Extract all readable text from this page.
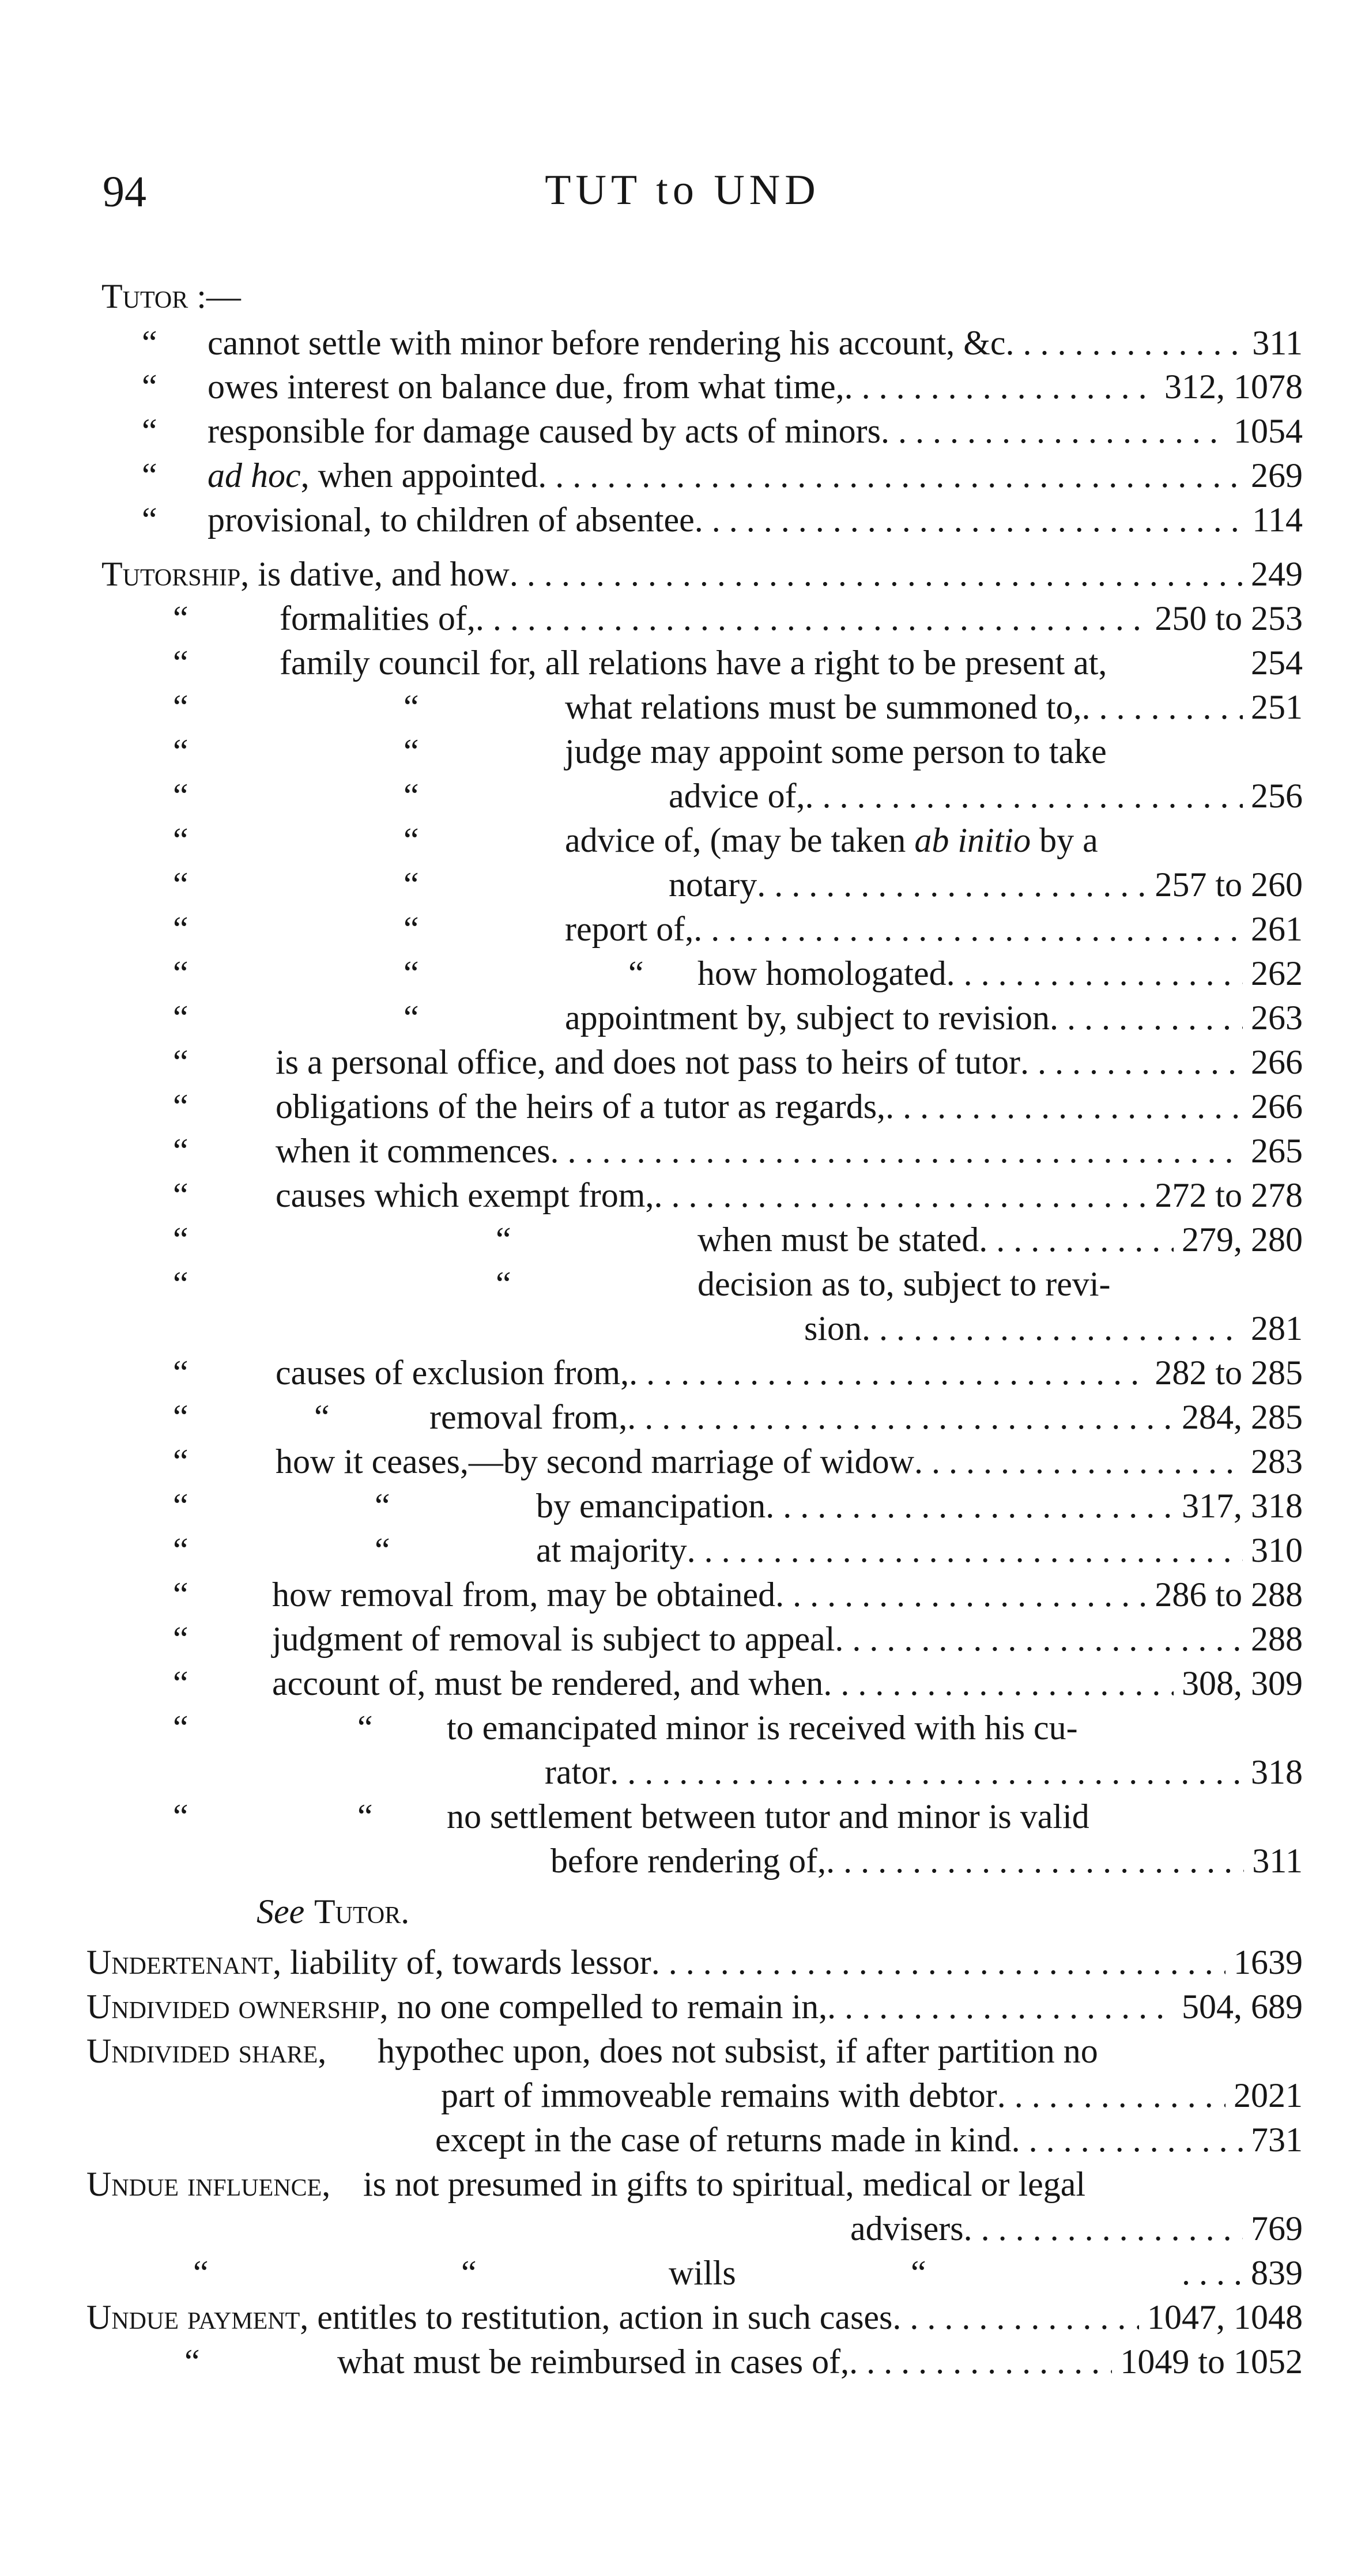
94	TUT to UND
Tutor :—
“ cannot settle with minor before rendering his account, &c . . .	311
“ owes interest on balance due, from what time, . . .	312, 1078
“ responsible for damage caused by acts of minors . . .	1054
“ ad hoc, when appointed . . .	269
“ provisional, to children of absentee . . .	114
Tutorship, is dative, and how . . .	249
“	formalities of, . . .	250 to 253
“	family council for, all relations have a right to be present at,	254
“	“	what relations must be summoned to, . . .	251
“	“	judge may appoint some person to take
“	“	advice of, . . .	256
“	“	advice of, (may be taken ab initio by a
“	“	notary . . .	257 to 260
“	“	report of, . . .	261
“	“	“ how homologated . . .	262
“	“	appointment by, subject to revision . . .	263
“	is a personal office, and does not pass to heirs of tutor . . .	266
“	obligations of the heirs of a tutor as regards, . . .	266
“	when it commences . . .	265
“	causes which exempt from, . . .	272 to 278
“	“	when must be stated . . .	279, 280
“	“	decision as to, subject to revi-
sion . . .	281
“	causes of exclusion from, . . .	282 to 285
“	“	removal from, . . .	284, 285
“	how it ceases,—by second marriage of widow . . .	283
“	“	by emancipation . . .	317, 318
“	“	at majority . . .	310
“ how removal from, may be obtained . . .	286 to 288
“ judgment of removal is subject to appeal . . .	288
“ account of, must be rendered, and when . . .	308, 309
“	“ to emancipated minor is received with his cu-
rator . . .	318
“	“ no settlement between tutor and minor is valid
before rendering of, . . .	311
See Tutor.
Undertenant, liability of, towards lessor . . .	1639
Undivided ownership, no one compelled to remain in, . . .	504, 689
Undivided share, hypothec upon, does not subsist, if after partition no
part of immoveable remains with debtor . . .	2021
except in the case of returns made in kind . . .	731
Undue influence, is not presumed in gifts to spiritual, medical or legal
advisers . . .	769
“	“	wills	“	. . . . 839
Undue payment, entitles to restitution, action in such cases . . .	1047, 1048
“	what must be reimbursed in cases of, . . .	1049 to 1052
